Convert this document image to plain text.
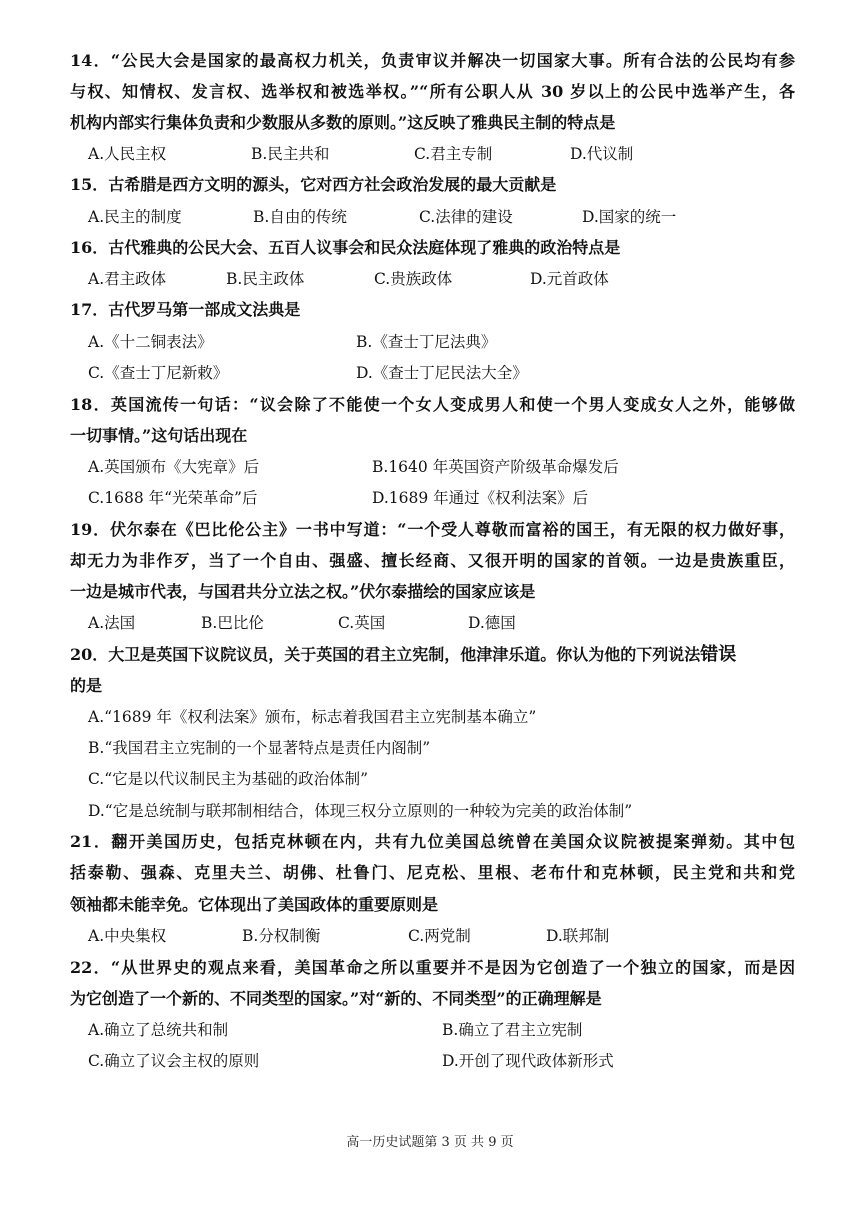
14．“公民大会是国家的最高权力机关，负责审议并解决一切国家大事。所有合法的公民均有参
与权、知情权、发言权、选举权和被选举权。”“所有公职人从 30 岁以上的公民中选举产生，各
机构内部实行集体负责和少数服从多数的原则。”这反映了雅典民主制的特点是
A.人民主权	B.民主共和	C.君主专制	D.代议制
15．古希腊是西方文明的源头，它对西方社会政治发展的最大贡献是
A.民主的制度	B.自由的传统	C.法律的建设	D.国家的统一
16．古代雅典的公民大会、五百人议事会和民众法庭体现了雅典的政治特点是
A.君主政体	B.民主政体	C.贵族政体	D.元首政体
17．古代罗马第一部成文法典是
A.《十二铜表法》	B.《查士丁尼法典》
C.《查士丁尼新敕》	D.《查士丁尼民法大全》
18．英国流传一句话：“议会除了不能使一个女人变成男人和使一个男人变成女人之外，能够做
一切事情。”这句话出现在
A.英国颁布《大宪章》后	B.1640 年英国资产阶级革命爆发后
C.1688 年“光荣革命”后	D.1689 年通过《权利法案》后
19．伏尔泰在《巴比伦公主》一书中写道：“一个受人尊敬而富裕的国王，有无限的权力做好事，
却无力为非作歹，当了一个自由、强盛、擅长经商、又很开明的国家的首领。一边是贵族重臣，
一边是城市代表，与国君共分立法之权。”伏尔泰描绘的国家应该是
A.法国	B.巴比伦	C.英国	D.德国
20．大卫是英国下议院议员，关于英国的君主立宪制，他津津乐道。你认为他的下列说法错误
的是
A.“1689 年《权利法案》颁布，标志着我国君主立宪制基本确立”
B.“我国君主立宪制的一个显著特点是责任内阁制”
C.“它是以代议制民主为基础的政治体制”
D.“它是总统制与联邦制相结合，体现三权分立原则的一种较为完美的政治体制”
21．翻开美国历史，包括克林顿在内，共有九位美国总统曾在美国众议院被提案弹劾。其中包
括泰勒、强森、克里夫兰、胡佛、杜鲁门、尼克松、里根、老布什和克林顿，民主党和共和党
领袖都未能幸免。它体现出了美国政体的重要原则是
A.中央集权	B.分权制衡	C.两党制	D.联邦制
22．“从世界史的观点来看，美国革命之所以重要并不是因为它创造了一个独立的国家，而是因
为它创造了一个新的、不同类型的国家。”对“新的、不同类型”的正确理解是
A.确立了总统共和制	B.确立了君主立宪制
C.确立了议会主权的原则	D.开创了现代政体新形式
高一历史试题第 3 页 共 9 页
